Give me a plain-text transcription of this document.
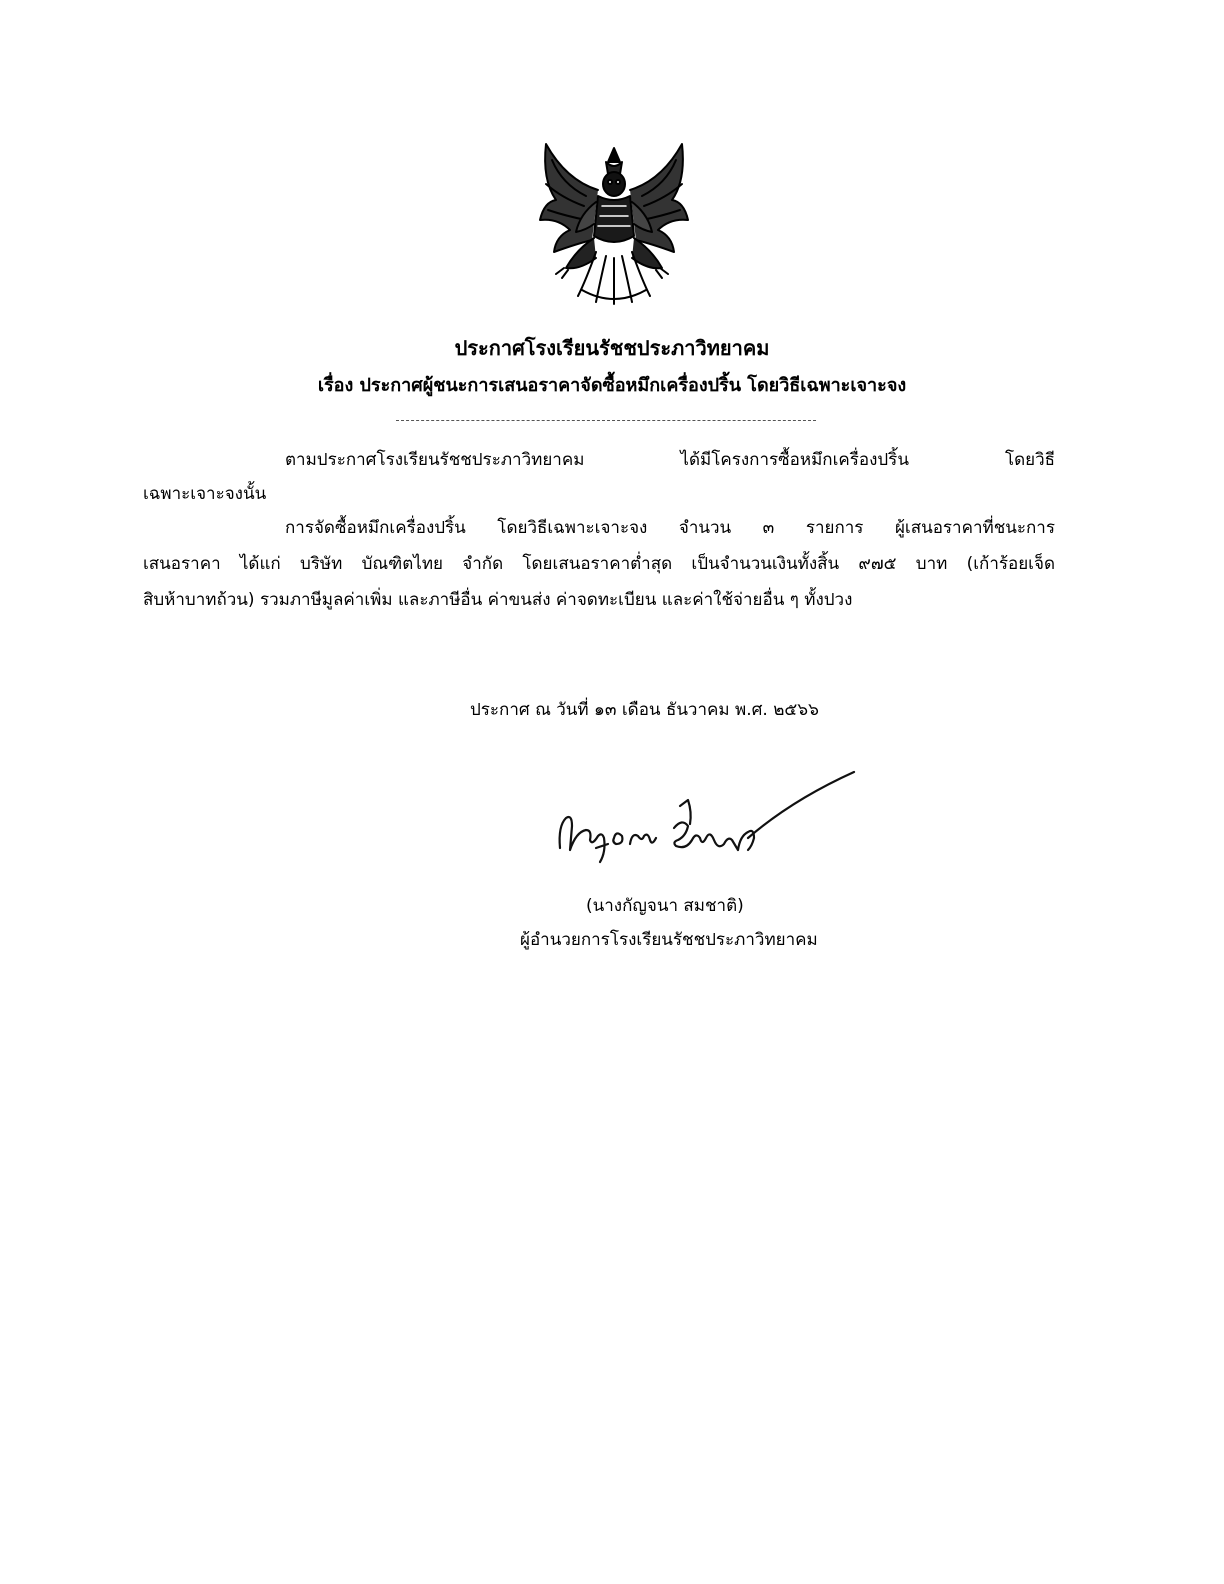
ประกาศโรงเรียนรัชชประภาวิทยาคม
เรื่อง ประกาศผู้ชนะการเสนอราคาจัดซื้อหมึกเครื่องปริ้น โดยวิธีเฉพาะเจาะจง
ตามประกาศโรงเรียนรัชชประภาวิทยาคม ได้มีโครงการซื้อหมึกเครื่องปริ้น โดยวิธี
เฉพาะเจาะจงนั้น
การจัดซื้อหมึกเครื่องปริ้น โดยวิธีเฉพาะเจาะจง จำนวน ๓ รายการ ผู้เสนอราคาที่ชนะการ
เสนอราคา ได้แก่ บริษัท บัณฑิตไทย จำกัด โดยเสนอราคาต่ำสุด เป็นจำนวนเงินทั้งสิ้น ๙๗๕ บาท (เก้าร้อยเจ็ด
สิบห้าบาทถ้วน) รวมภาษีมูลค่าเพิ่ม และภาษีอื่น ค่าขนส่ง ค่าจดทะเบียน และค่าใช้จ่ายอื่น ๆ ทั้งปวง
ประกาศ ณ วันที่ ๑๓ เดือน ธันวาคม พ.ศ. ๒๕๖๖
(นางกัญจนา สมชาติ)
ผู้อำนวยการโรงเรียนรัชชประภาวิทยาคม
